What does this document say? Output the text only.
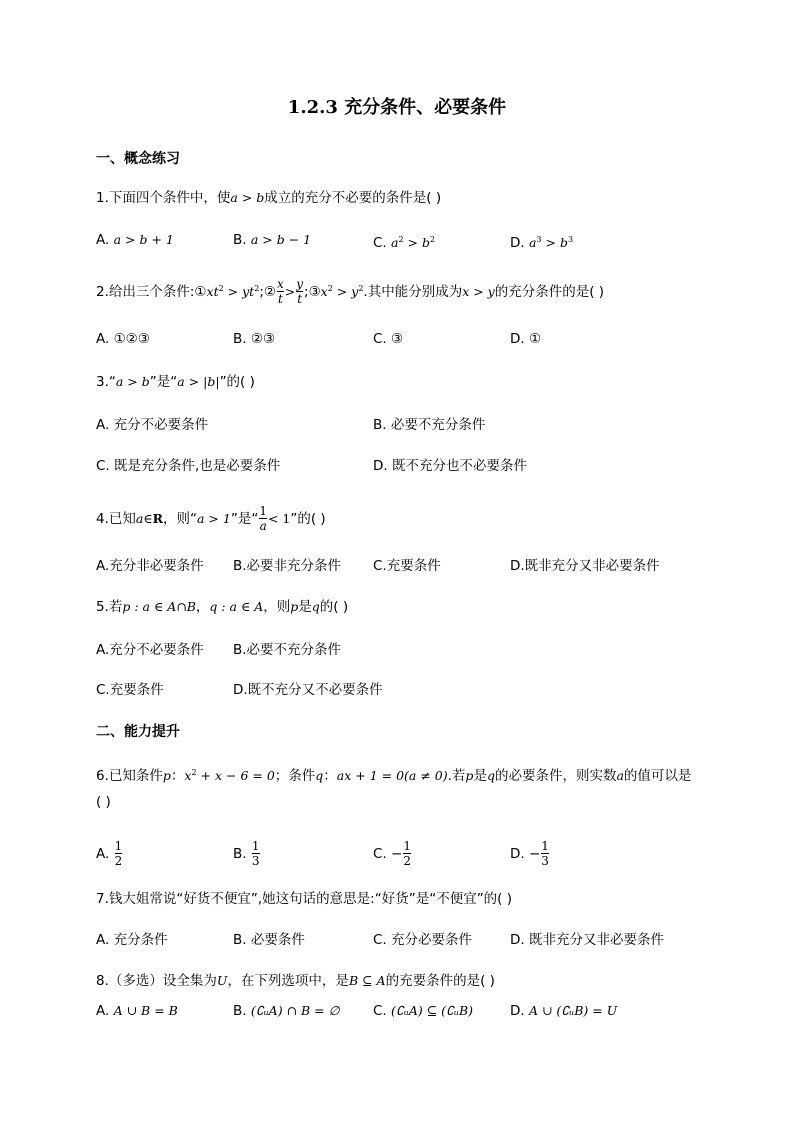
1.2.3 充分条件、必要条件
一、概念练习
1.下面四个条件中，使a > b成立的充分不必要的条件是( )
A. a > b + 1	B. a > b − 1	C. $a^2 > b^2$	D. $a^3 > b^3$
2.给出三个条件$:①xt^2$ > $yt^2;② \frac{x}{t} > \frac{y}{t}$ $;③x^2 > y^2$.其中能分别成为x > y的充分条件的是( )
A. ①②③	B. ②③	C. ③	D. ①
3.“a > b”是“a > |b|”的( )
A. 充分不必要条件	B. 必要不充分条件
C. 既是充分条件,也是必要条件	D. 既不充分也不必要条件
4.已知a∈R，则“a > 1”是“ $\frac{1}{a} < 1$”的( )
A.充分非必要条件 B.必要非充分条件 C.充要条件	D.既非充分又非必要条件
5.若p : a ∈ A∩B，q : a ∈ A，则p是q的( )
A.充分不必要条件 B.必要不充分条件
C.充要条件	D.既不充分又不必要条件
二、能力提升
6.已知条件p：$x^2 + x - 6 = 0$；条件q：ax + 1 = 0(a ≠ 0).若p是q的必要条件，则实数a的值可以是
( )
A. $\frac{1}{2}$	B. $\frac{1}{3}$	C. − $\frac{1}{2}$	D. − $\frac{1}{3}$
7.钱大姐常说“好货不便宜”,她这句话的意思是:“好货”是“不便宜”的( )
A. 充分条件	B. 必要条件	C. 充分必要条件	D. 既非充分又非必要条件
8.（多选）设全集为U，在下列选项中，是B ⊆ A的充要条件的是( )
A. A ∪ B = B	B. (∁ᵤA) ∩ B = ∅ C. (∁ᵤA) ⊆ (∁ᵤB)	D. A ∪ (∁ᵤB) = U
